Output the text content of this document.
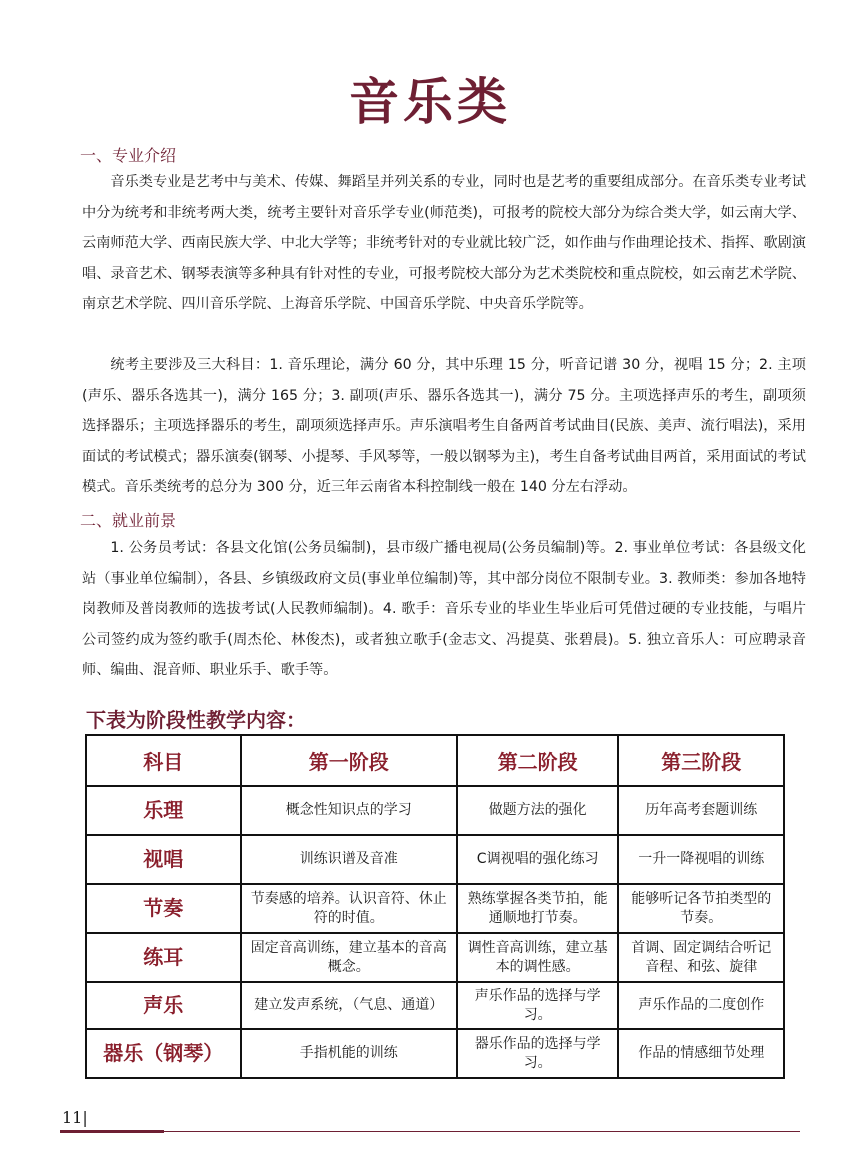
音乐类
一、专业介绍

音乐类专业是艺考中与美术、传媒、舞蹈呈并列关系的专业，同时也是艺考的重要组成部分。在音乐类专业考试中分为统考和非统考两大类，统考主要针对音乐学专业(师范类)，可报考的院校大部分为综合类大学，如云南大学、云南师范大学、西南民族大学、中北大学等；非统考针对的专业就比较广泛，如作曲与作曲理论技术、指挥、歌剧演唱、录音艺术、钢琴表演等多种具有针对性的专业，可报考院校大部分为艺术类院校和重点院校，如云南艺术学院、南京艺术学院、四川音乐学院、上海音乐学院、中国音乐学院、中央音乐学院等。

统考主要涉及三大科目：1. 音乐理论，满分 60 分，其中乐理 15 分，听音记谱 30 分，视唱 15 分；2. 主项(声乐、器乐各选其一)，满分 165 分；3. 副项(声乐、器乐各选其一)，满分 75 分。主项选择声乐的考生，副项须选择器乐；主项选择器乐的考生，副项须选择声乐。声乐演唱考生自备两首考试曲目(民族、美声、流行唱法)，采用面试的考试模式；器乐演奏(钢琴、小提琴、手风琴等，一般以钢琴为主)，考生自备考试曲目两首，采用面试的考试模式。音乐类统考的总分为 300 分，近三年云南省本科控制线一般在 140 分左右浮动。

二、就业前景

1. 公务员考试：各县文化馆(公务员编制)，县市级广播电视局(公务员编制)等。2. 事业单位考试：各县级文化站（事业单位编制），各县、乡镇级政府文员(事业单位编制)等，其中部分岗位不限制专业。3. 教师类：参加各地特岗教师及普岗教师的选拔考试(人民教师编制)。4. 歌手：音乐专业的毕业生毕业后可凭借过硬的专业技能，与唱片公司签约成为签约歌手(周杰伦、林俊杰)，或者独立歌手(金志文、冯提莫、张碧晨)。5. 独立音乐人：可应聘录音师、编曲、混音师、职业乐手、歌手等。

下表为阶段性教学内容：
科目	第一阶段	第二阶段	第三阶段
乐理	概念性知识点的学习	做题方法的强化	历年高考套题训练
视唱	训练识谱及音准	C调视唱的强化练习	一升一降视唱的训练
节奏	节奏感的培养。认识音符、休止符的时值。	熟练掌握各类节拍，能通顺地打节奏。	能够听记各节拍类型的节奏。
练耳	固定音高训练，建立基本的音高概念。	调性音高训练，建立基本的调性感。	首调、固定调结合听记音程、和弦、旋律
声乐	建立发声系统，（气息、通道）	声乐作品的选择与学习。	声乐作品的二度创作
器乐（钢琴）	手指机能的训练	器乐作品的选择与学习。	作品的情感细节处理
11|
